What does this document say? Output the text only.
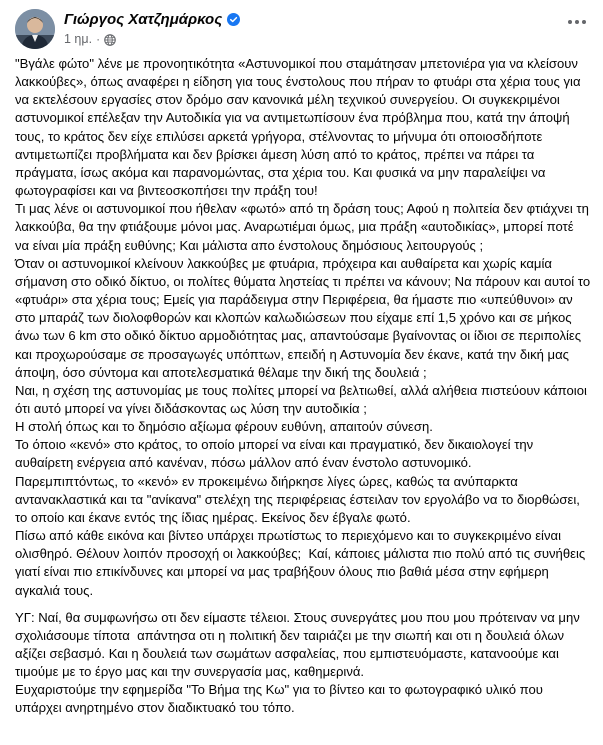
Γιώργος Χατζημάρκος
1 ημ. ·

"Βγάλε φώτο" λένε με προνοητικότητα «Αστυνομικοί που σταμάτησαν μπετονιέρα για να κλείσουν λακκούβες», όπως αναφέρει η είδηση για τους ένστολους που πήραν το φτυάρι στα χέρια τους για να εκτελέσουν εργασίες στον δρόμο σαν κανονικά μέλη τεχνικού συνεργείου. Οι συγκεκριμένοι αστυνομικοί επέλεξαν την Αυτοδικία για να αντιμετωπίσουν ένα πρόβλημα που, κατά την άποψή τους, το κράτος δεν είχε επιλύσει αρκετά γρήγορα, στέλνοντας το μήνυμα ότι οποιοσδήποτε αντιμετωπίζει προβλήματα και δεν βρίσκει άμεση λύση από το κράτος, πρέπει να πάρει τα πράγματα, ίσως ακόμα και παρανομώντας, στα χέρια του. Και φυσικά να μην παραλείψει να φωτογραφίσει και να βιντεοσκοπήσει την πράξη του!

Τι μας λένε οι αστυνομικοί που ήθελαν «φωτό» από τη δράση τους; Αφού η πολιτεία δεν φτιάχνει τη λακκούβα, θα την φτιάξουμε μόνοι μας. Αναρωτιέμαι όμως, μια πράξη «αυτοδικίας», μπορεί ποτέ να είναι μία πράξη ευθύνης; Και μάλιστα απο ένστολους δημόσιους λειτουργούς ;

Όταν οι αστυνομικοί κλείνουν λακκούβες με φτυάρια, πρόχειρα και αυθαίρετα και χωρίς καμία σήμανση στο οδικό δίκτυο, οι πολίτες θύματα ληστείας τι πρέπει να κάνουν; Να πάρουν και αυτοί το «φτυάρι» στα χέρια τους; Εμείς για παράδειγμα στην Περιφέρεια, θα ήμαστε πιο «υπεύθυνοι» αν στο μπαράζ των διολοφθορών και κλοπών καλωδιώσεων που είχαμε επί 1,5 χρόνο και σε μήκος άνω των 6 km στο οδικό δίκτυο αρμοδιότητας μας, απαντούσαμε βγαίνοντας οι ίδιοι σε περιπολίες και προχωρούσαμε σε προσαγωγές υπόπτων, επειδή η Αστυνομία δεν έκανε, κατά την δική μας άποψη, όσο σύντομα και αποτελεσματικά θέλαμε την δική της δουλειά ;

Ναι, η σχέση της αστυνομίας με τους πολίτες μπορεί να βελτιωθεί, αλλά αλήθεια πιστεύουν κάποιοι ότι αυτό μπορεί να γίνει διδάσκοντας ως λύση την αυτοδικία ;

Η στολή όπως και το δημόσιο αξίωμα φέρουν ευθύνη, απαιτούν σύνεση.

Το όποιο «κενό» στο κράτος, το οποίο μπορεί να είναι και πραγματικό, δεν δικαιολογεί την αυθαίρετη ενέργεια από κανέναν, πόσω μάλλον από έναν ένστολο αστυνομικό.

Παρεμπιπτόντως, το «κενό» εν προκειμένω διήρκησε λίγες ώρες, καθώς τα ανύπαρκτα αντανακλαστικά και τα "ανίκανα" στελέχη της περιφέρειας έστειλαν τον εργολάβο να το διορθώσει, το οποίο και έκανε εντός της ίδιας ημέρας. Εκείνος δεν έβγαλε φωτό.

Πίσω από κάθε εικόνα και βίντεο υπάρχει πρωτίστως το περιεχόμενο και το συγκεκριμένο είναι ολισθηρό. Θέλουν λοιπόν προσοχή οι λακκούβες;  Καί, κάποιες μάλιστα πιο πολύ από τις συνήθεις γιατί είναι πιο επικίνδυνες και μπορεί να μας τραβήξουν όλους πιο βαθιά μέσα στην εφήμερη αγκαλιά τους.

ΥΓ: Ναί, θα συμφωνήσω οτι δεν είμαστε τέλειοι. Στους συνεργάτες μου που μου πρότειναν να μην σχολιάσουμε τίποτα  απάντησα οτι η πολιτική δεν ταιριάζει με την σιωπή και οτι η δουλειά όλων αξίζει σεβασμό. Και η δουλειά των σωμάτων ασφαλείας, που εμπιστευόμαστε, κατανοούμε και τιμούμε με το έργο μας και την συνεργασία μας, καθημερινά.

Ευχαριστούμε την εφημερίδα "Το Βήμα της Κω" για το βίντεο και το φωτογραφικό υλικό που υπάρχει ανηρτημένο στον διαδικτυακό του τόπο.
